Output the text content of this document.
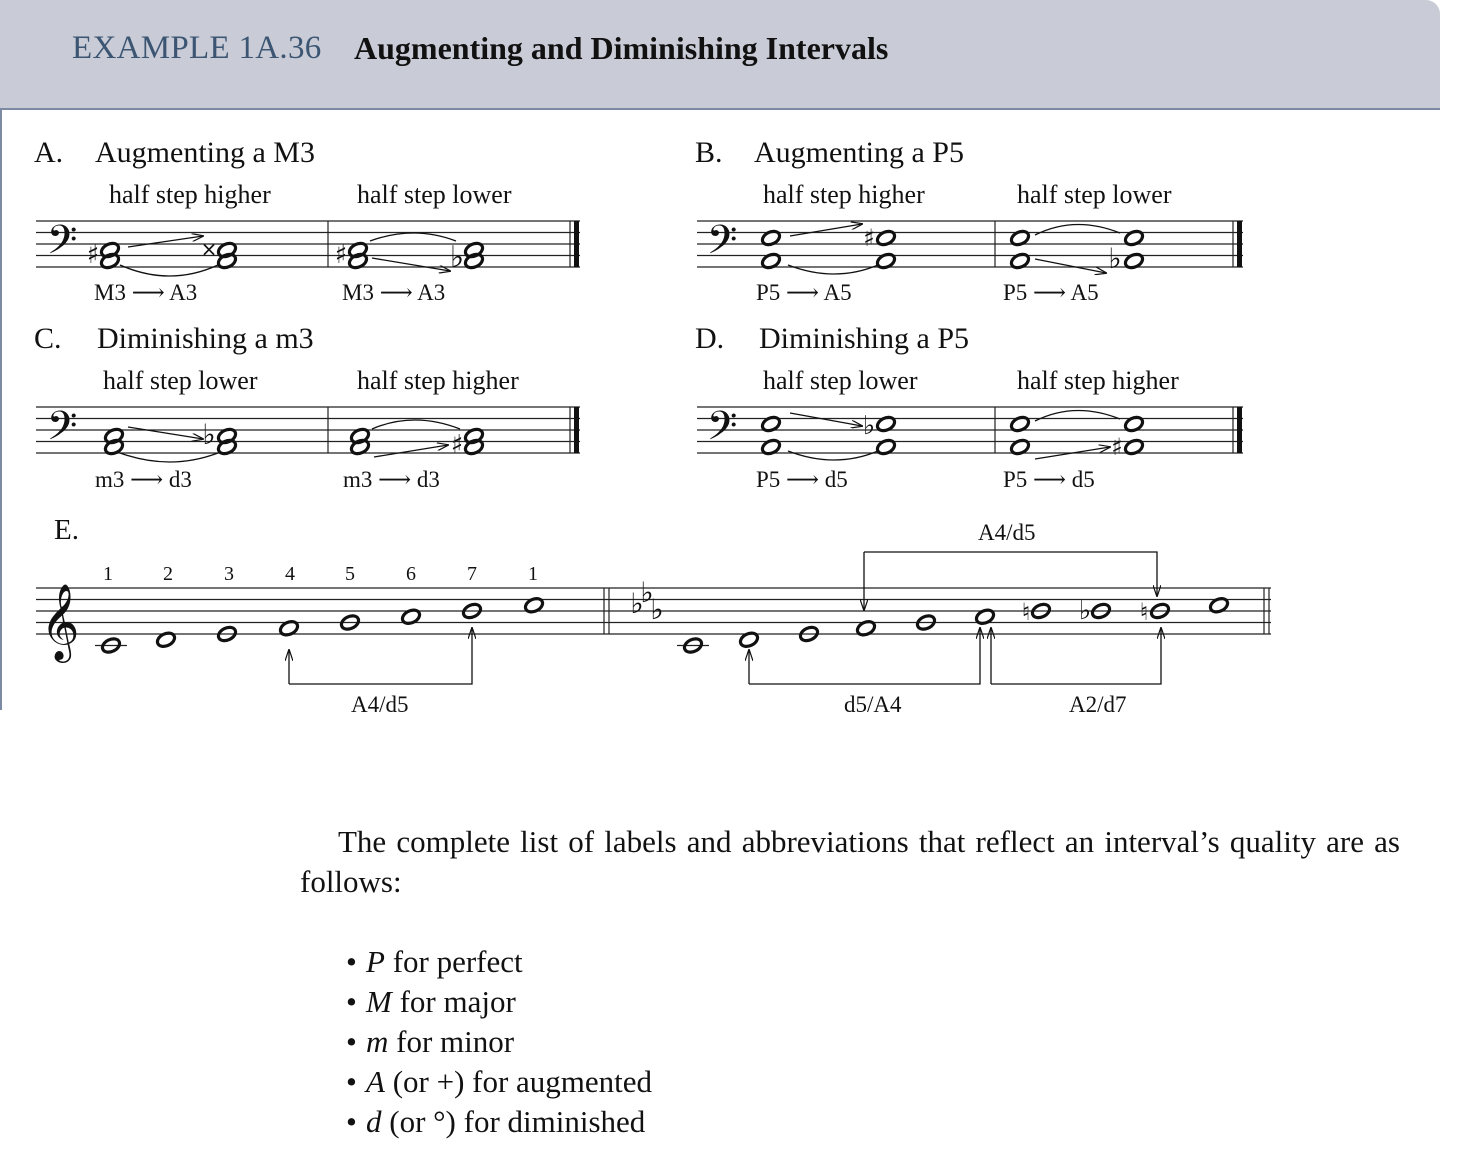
EXAMPLE 1A.36 Augmenting and Diminishing Intervals
A. Augmenting a M3
half step higher	half step lower
M3 ⟶ A3	M3 ⟶ A3
B. Augmenting a P5
half step higher	half step lower
P5 ⟶ A5	P5 ⟶ A5
C. Diminishing a m3
half step lower	half step higher
m3 ⟶ d3	m3 ⟶ d3
D. Diminishing a P5
half step lower	half step higher
P5 ⟶ d5	P5 ⟶ d5
E.
1	2	3	4	5	6	7	1
A4/d5
A4/d5
d5/A4	A2/d7
𝄢	𝄢
𝄢	𝄢
♯	×	♯	♭
♯
♭
♭	♯
♭
♯
𝄞	♭
♭ ♭	♮ ♭ ♮

The complete list of labels and abbreviations that reflect an interval’s quality are as follows:

• P for perfect
• M for major
• m for minor
• A (or +) for augmented
• d (or °) for diminished
